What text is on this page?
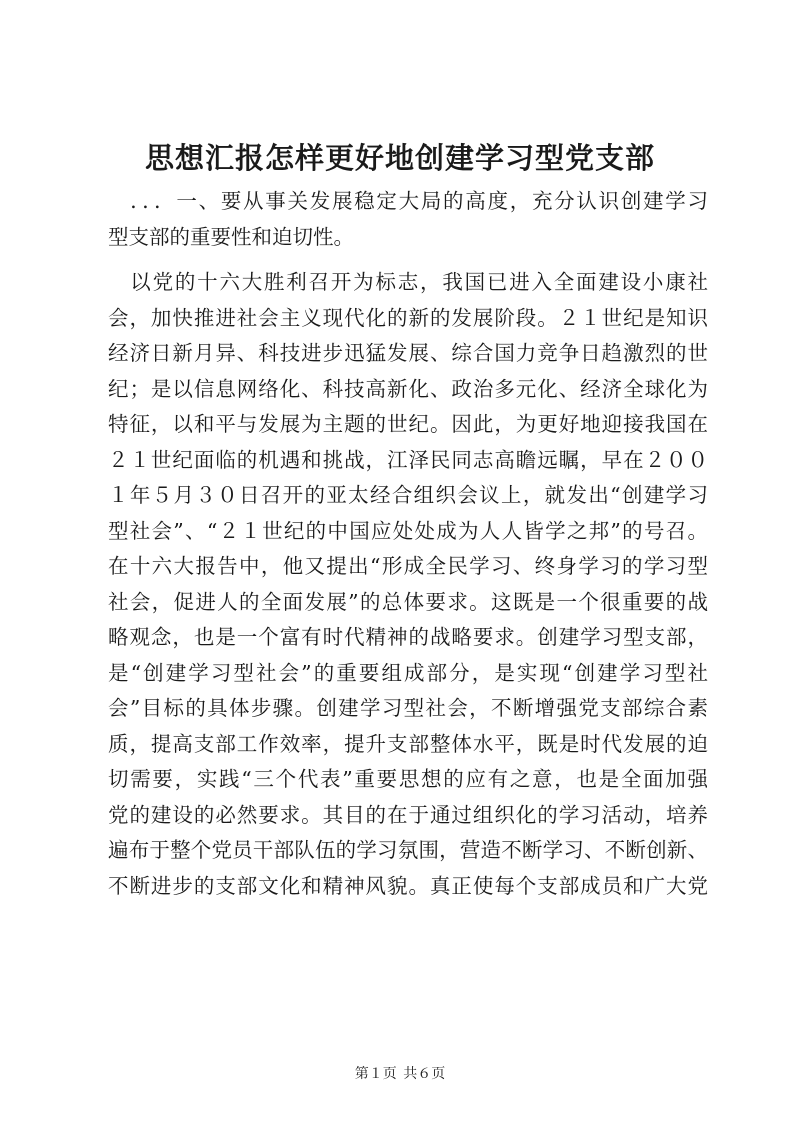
思想汇报怎样更好地创建学习型党支部

　．．．一、要从事关发展稳定大局的高度，充分认识创建学习
型支部的重要性和迫切性。

　以党的十六大胜利召开为标志，我国已进入全面建设小康社
会，加快推进社会主义现代化的新的发展阶段。２１世纪是知识
经济日新月异、科技进步迅猛发展、综合国力竞争日趋激烈的世
纪；是以信息网络化、科技高新化、政治多元化、经济全球化为
特征，以和平与发展为主题的世纪。因此，为更好地迎接我国在
２１世纪面临的机遇和挑战，江泽民同志高瞻远瞩，早在２００
１年５月３０日召开的亚太经合组织会议上，就发出“创建学习
型社会”、“２１世纪的中国应处处成为人人皆学之邦”的号召。
在十六大报告中，他又提出“形成全民学习、终身学习的学习型
社会，促进人的全面发展”的总体要求。这既是一个很重要的战
略观念，也是一个富有时代精神的战略要求。创建学习型支部，
是“创建学习型社会”的重要组成部分，是实现“创建学习型社
会”目标的具体步骤。创建学习型社会，不断增强党支部综合素
质，提高支部工作效率，提升支部整体水平，既是时代发展的迫
切需要，实践“三个代表”重要思想的应有之意，也是全面加强
党的建设的必然要求。其目的在于通过组织化的学习活动，培养
遍布于整个党员干部队伍的学习氛围，营造不断学习、不断创新、
不断进步的支部文化和精神风貌。真正使每个支部成员和广大党

第１页 共６页
